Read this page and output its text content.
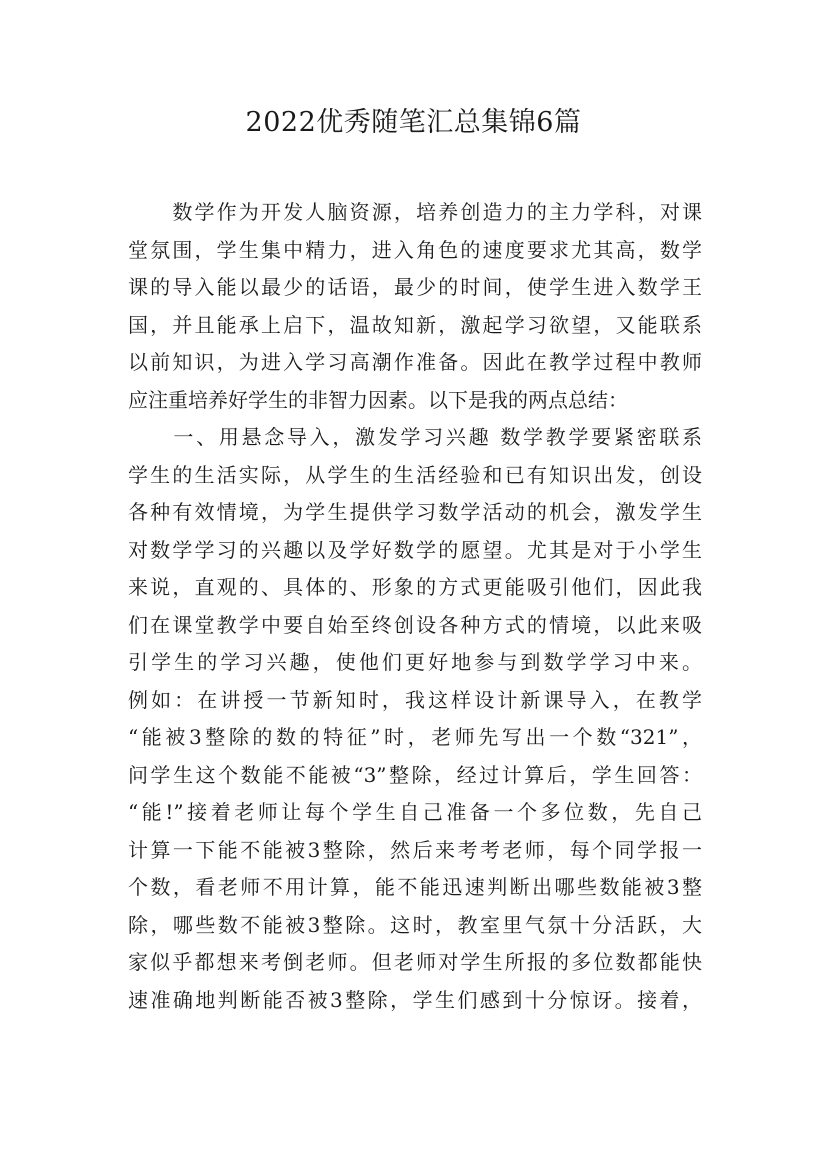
2022优秀随笔汇总集锦6篇
　　数学作为开发人脑资源，培养创造力的主力学科，对课
堂氛围，学生集中精力，进入角色的速度要求尤其高，数学
课的导入能以最少的话语，最少的时间，使学生进入数学王
国，并且能承上启下，温故知新，激起学习欲望，又能联系
以前知识，为进入学习高潮作准备。因此在教学过程中教师
应注重培养好学生的非智力因素。以下是我的两点总结：
　　一、用悬念导入，激发学习兴趣 数学教学要紧密联系
学生的生活实际，从学生的生活经验和已有知识出发，创设
各种有效情境，为学生提供学习数学活动的机会，激发学生
对数学学习的兴趣以及学好数学的愿望。尤其是对于小学生
来说，直观的、具体的、形象的方式更能吸引他们，因此我
们在课堂教学中要自始至终创设各种方式的情境，以此来吸
引学生的学习兴趣，使他们更好地参与到数学学习中来。
例如：在讲授一节新知时，我这样设计新课导入，在教学
“能被3整除的数的特征”时，老师先写出一个数“321”，
问学生这个数能不能被“3”整除，经过计算后，学生回答：
“能!”接着老师让每个学生自己准备一个多位数，先自己
计算一下能不能被3整除，然后来考考老师，每个同学报一
个数，看老师不用计算，能不能迅速判断出哪些数能被3整
除，哪些数不能被3整除。这时，教室里气氛十分活跃，大
家似乎都想来考倒老师。但老师对学生所报的多位数都能快
速准确地判断能否被3整除，学生们感到十分惊讶。接着，
